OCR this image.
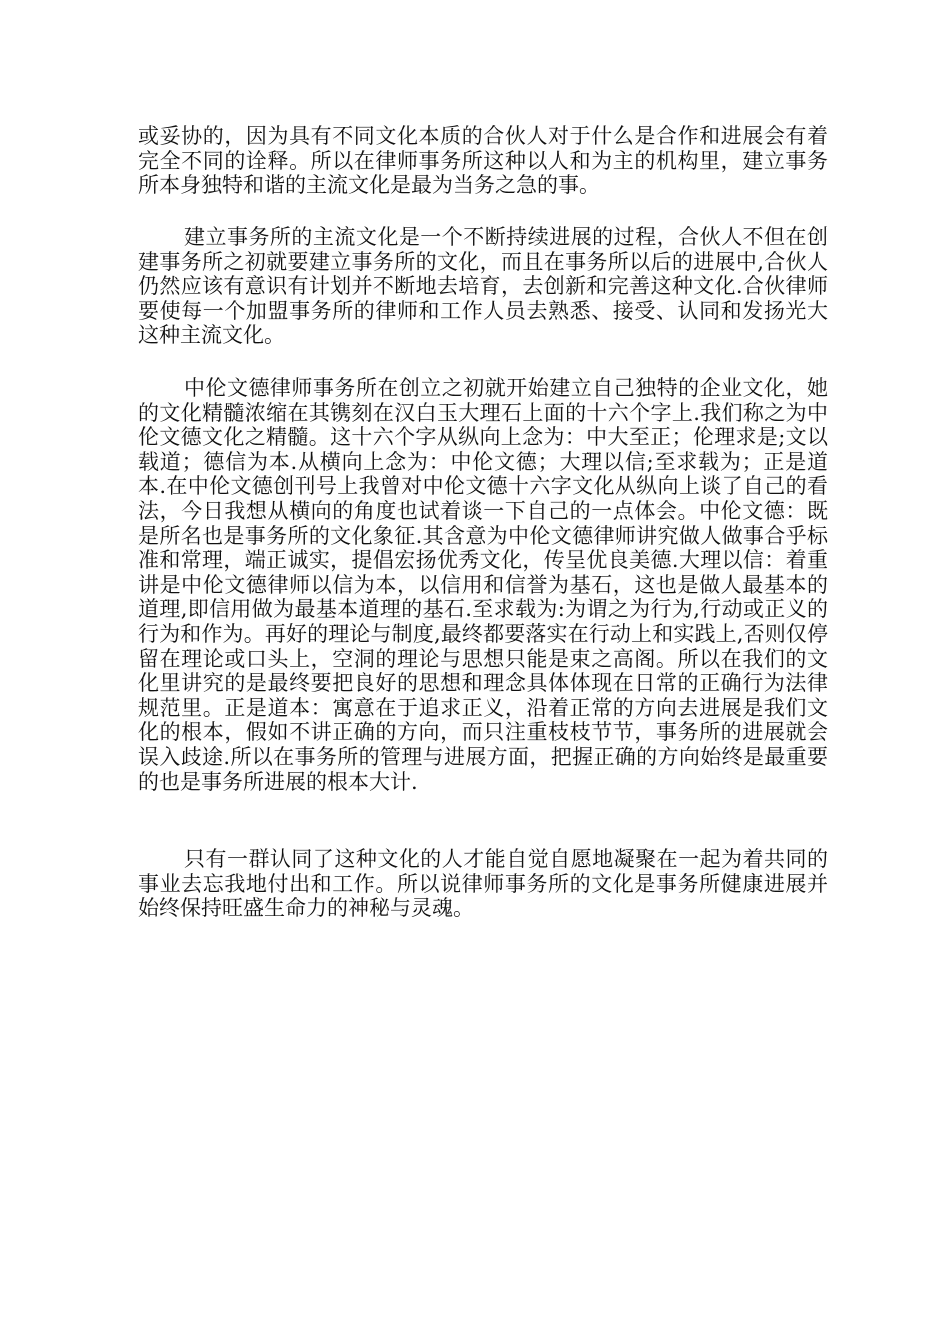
或妥协的，因为具有不同文化本质的合伙人对于什么是合作和进展会有着完全不同的诠释。所以在律师事务所这种以人和为主的机构里，建立事务所本身独特和谐的主流文化是最为当务之急的事。

建立事务所的主流文化是一个不断持续进展的过程，合伙人不但在创建事务所之初就要建立事务所的文化，而且在事务所以后的进展中,合伙人仍然应该有意识有计划并不断地去培育，去创新和完善这种文化.合伙律师要使每一个加盟事务所的律师和工作人员去熟悉、接受、认同和发扬光大这种主流文化。

中伦文德律师事务所在创立之初就开始建立自己独特的企业文化，她的文化精髓浓缩在其镌刻在汉白玉大理石上面的十六个字上.我们称之为中伦文德文化之精髓。这十六个字从纵向上念为：中大至正；伦理求是;文以载道；德信为本.从横向上念为：中伦文德；大理以信;至求载为；正是道本.在中伦文德创刊号上我曾对中伦文德十六字文化从纵向上谈了自己的看法，今日我想从横向的角度也试着谈一下自己的一点体会。中伦文德：既是所名也是事务所的文化象征.其含意为中伦文德律师讲究做人做事合乎标准和常理，端正诚实，提倡宏扬优秀文化，传呈优良美德.大理以信：着重讲是中伦文德律师以信为本，以信用和信誉为基石，这也是做人最基本的道理,即信用做为最基本道理的基石.至求载为:为谓之为行为,行动或正义的行为和作为。再好的理论与制度,最终都要落实在行动上和实践上,否则仅停留在理论或口头上，空洞的理论与思想只能是束之高阁。所以在我们的文化里讲究的是最终要把良好的思想和理念具体体现在日常的正确行为法律规范里。正是道本：寓意在于追求正义，沿着正常的方向去进展是我们文化的根本，假如不讲正确的方向，而只注重枝枝节节，事务所的进展就会误入歧途.所以在事务所的管理与进展方面，把握正确的方向始终是最重要的也是事务所进展的根本大计.

只有一群认同了这种文化的人才能自觉自愿地凝聚在一起为着共同的事业去忘我地付出和工作。所以说律师事务所的文化是事务所健康进展并始终保持旺盛生命力的神秘与灵魂。
